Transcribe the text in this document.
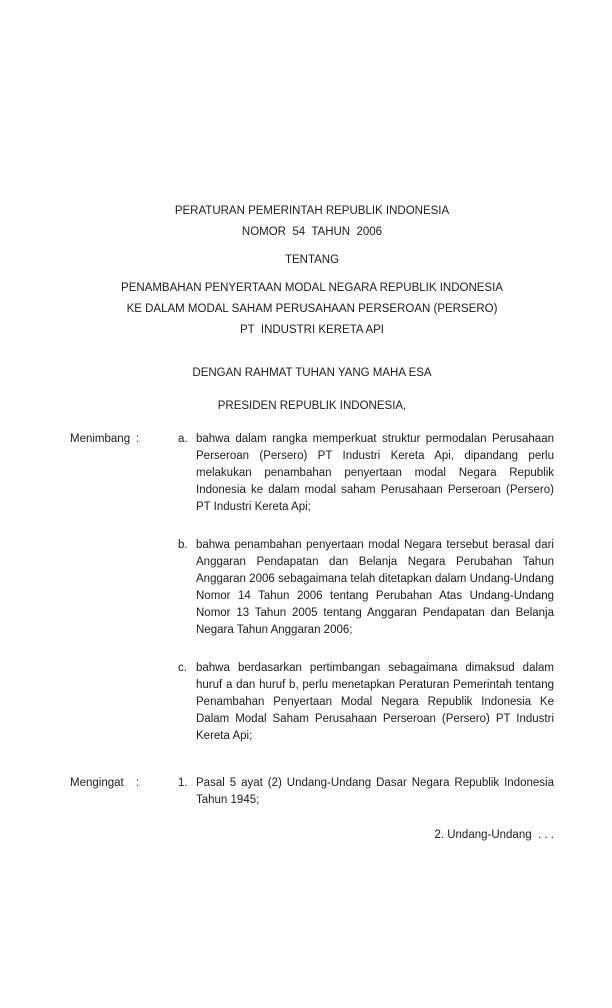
PERATURAN PEMERINTAH REPUBLIK INDONESIA
NOMOR  54  TAHUN  2006
TENTANG
PENAMBAHAN PENYERTAAN MODAL NEGARA REPUBLIK INDONESIA
KE DALAM MODAL SAHAM PERUSAHAAN PERSEROAN (PERSERO)
PT  INDUSTRI KERETA API
DENGAN RAHMAT TUHAN YANG MAHA ESA
PRESIDEN REPUBLIK INDONESIA,
Menimbang :	a. bahwa dalam rangka memperkuat struktur permodalan Perusahaan Perseroan (Persero) PT Industri Kereta Api, dipandang perlu melakukan penambahan penyertaan modal Negara Republik Indonesia ke dalam modal saham Perusahaan Perseroan (Persero) PT Industri Kereta Api;
b. bahwa penambahan penyertaan modal Negara tersebut berasal dari Anggaran Pendapatan dan Belanja Negara Perubahan Tahun Anggaran 2006 sebagaimana telah ditetapkan dalam Undang-Undang Nomor 14 Tahun 2006 tentang Perubahan Atas Undang-Undang Nomor 13 Tahun 2005 tentang Anggaran Pendapatan dan Belanja Negara Tahun Anggaran 2006;
c. bahwa berdasarkan pertimbangan sebagaimana dimaksud dalam huruf a dan huruf b, perlu menetapkan Peraturan Pemerintah tentang Penambahan Penyertaan Modal Negara Republik Indonesia Ke Dalam Modal Saham Perusahaan Perseroan (Persero) PT Industri Kereta Api;
Mengingat	:	1. Pasal 5 ayat (2) Undang-Undang Dasar Negara Republik Indonesia Tahun 1945;
2. Undang-Undang  . . .
